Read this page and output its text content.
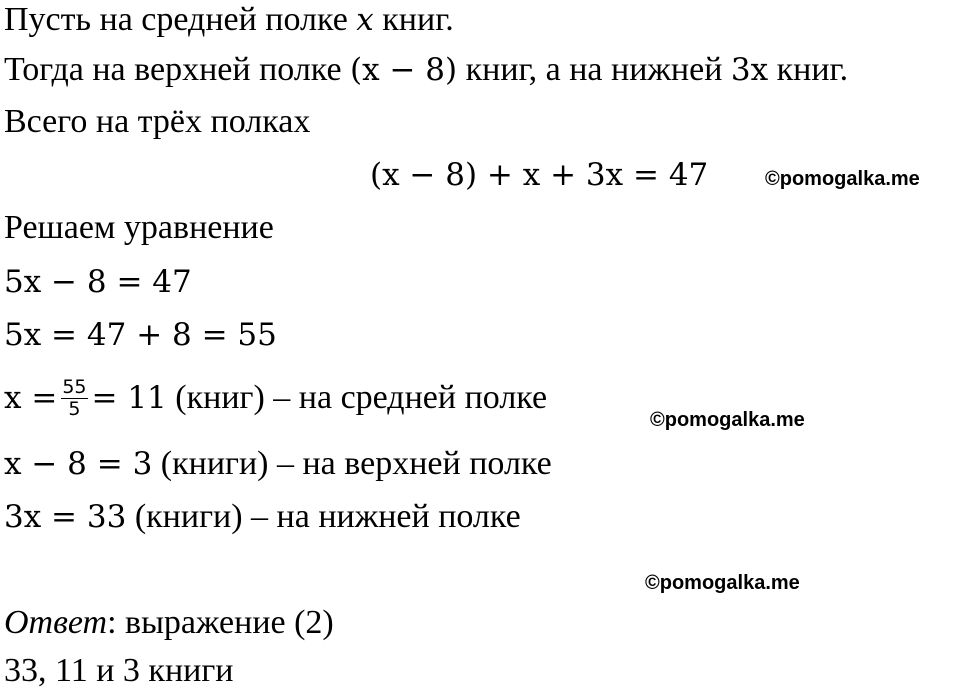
Пусть на средней полке x книг.

Тогда на верхней полке (x − 8) книг, а на нижней 3x книг.

Всего на трёх полках

(x − 8) + x + 3x = 47	©pomogalka.me

Решаем уравнение

5x − 8 = 47

5x = 47 + 8 = 55

$x = \frac{55}{5} = 11$ (книг) – на средней полке

©pomogalka.me

x − 8 = 3 (книги) – на верхней полке

3x = 33 (книги) – на нижней полке

©pomogalka.me

Ответ: выражение (2)

33, 11 и 3 книги
